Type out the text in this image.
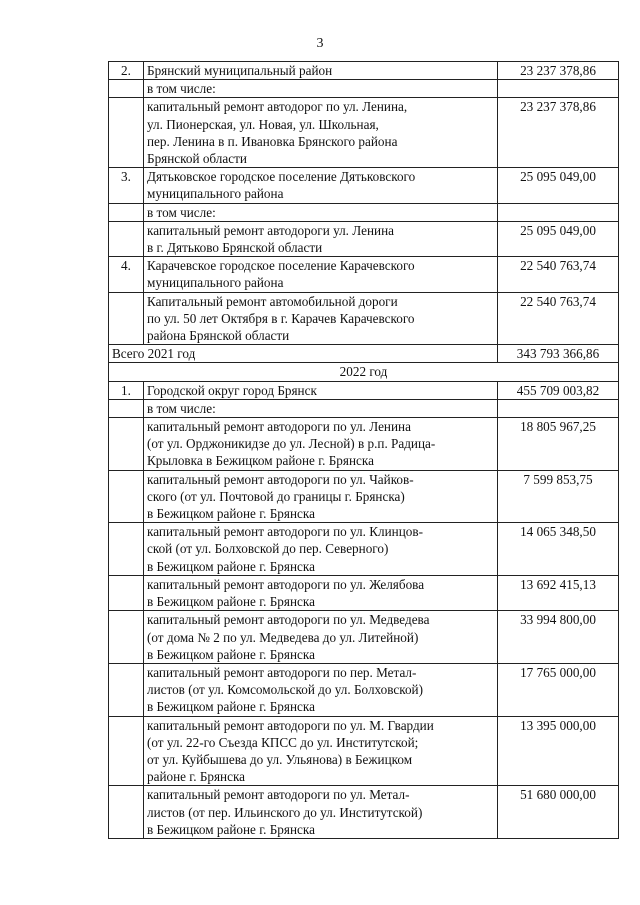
3
2.	Брянский муниципальный район	23 237 378,86

	в том числе:	

	капитальный ремонт автодорог по ул. Ленина,
ул. Пионерская, ул. Новая, ул. Школьная,
пер. Ленина в п. Ивановка Брянского района
Брянской области	23 237 378,86
3.	Дятьковское городское поселение Дятьковского
муниципального района	25 095 049,00

	в том числе:	

	капитальный ремонт автодороги ул. Ленина
в г. Дятьково Брянской области	25 095 049,00
4.	Карачевское городское поселение Карачевского
муниципального района	22 540 763,74

	Капитальный ремонт автомобильной дороги
по ул. 50 лет Октября в г. Карачев Карачевского
района Брянской области	22 540 763,74
Всего 2021 год		343 793 366,86
2022 год		
1.	Городской округ город Брянск	455 709 003,82

	в том числе:	

	капитальный ремонт автодороги по ул. Ленина
(от ул. Орджоникидзе до ул. Лесной) в р.п. Радица-
Крыловка в Бежицком районе г. Брянска	18 805 967,25

	капитальный ремонт автодороги по ул. Чайков-
ского (от ул. Почтовой до границы г. Брянска)
в Бежицком районе г. Брянска	7 599 853,75

	капитальный ремонт автодороги по ул. Клинцов-
ской (от ул. Болховской до пер. Северного)
в Бежицком районе г. Брянска	14 065 348,50

	капитальный ремонт автодороги по ул. Желябова
в Бежицком районе г. Брянска	13 692 415,13

	капитальный ремонт автодороги по ул. Медведева
(от дома № 2 по ул. Медведева до ул. Литейной)
в Бежицком районе г. Брянска	33 994 800,00

	капитальный ремонт автодороги по пер. Метал-
листов (от ул. Комсомольской до ул. Болховской)
в Бежицком районе г. Брянска	17 765 000,00

	капитальный ремонт автодороги по ул. М. Гвардии
(от ул. 22-го Съезда КПСС до ул. Институтской;
от ул. Куйбышева до ул. Ульянова) в Бежицком
районе г. Брянска	13 395 000,00

	капитальный ремонт автодороги по ул. Метал-
листов (от пер. Ильинского до ул. Институтской)
в Бежицком районе г. Брянска	51 680 000,00
